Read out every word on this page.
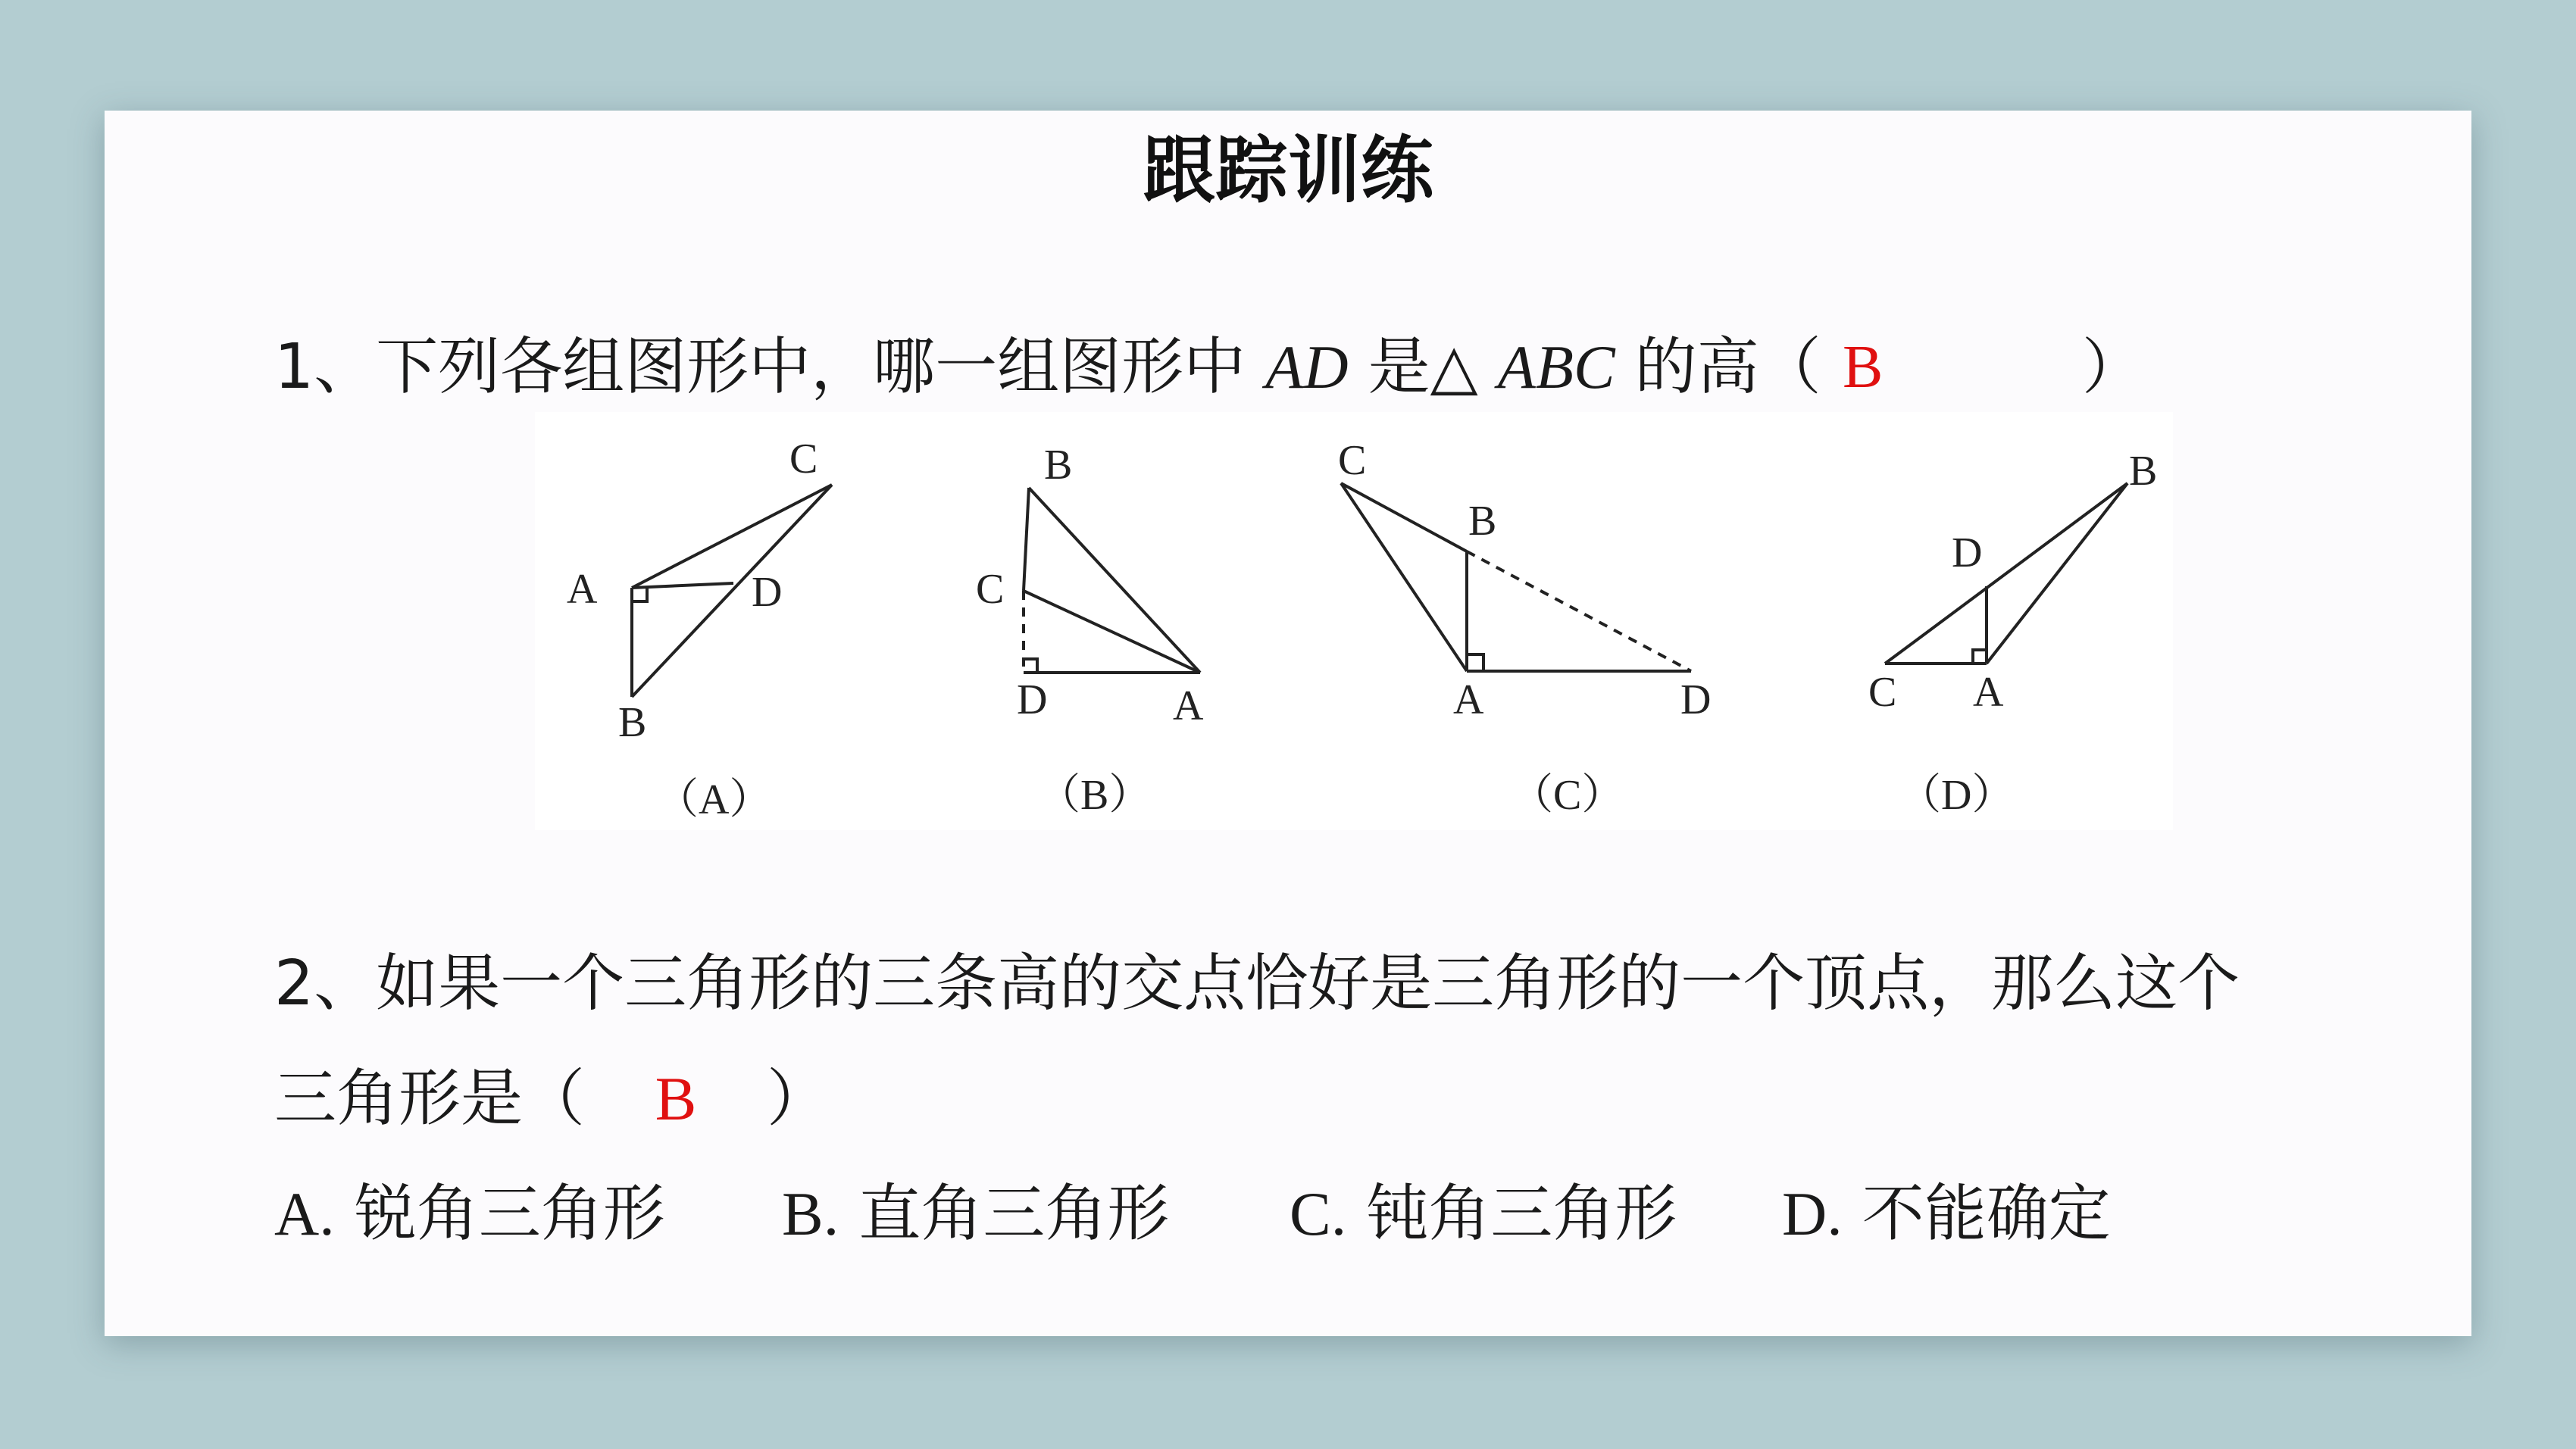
跟踪训练
1、下列各组图形中，哪一组图形中 AD 是△ ABC 的高（ B	）
C
A	D
B
（A）
B
C
D	A
（B）
C
B
A	D
（C）
B
D
C A
（D）
2、如果一个三角形的三条高的交点恰好是三角形的一个顶点，那么这个
三角形是（ B ）
A. 锐角三角形 B. 直角三角形 C. 钝角三角形 D. 不能确定
